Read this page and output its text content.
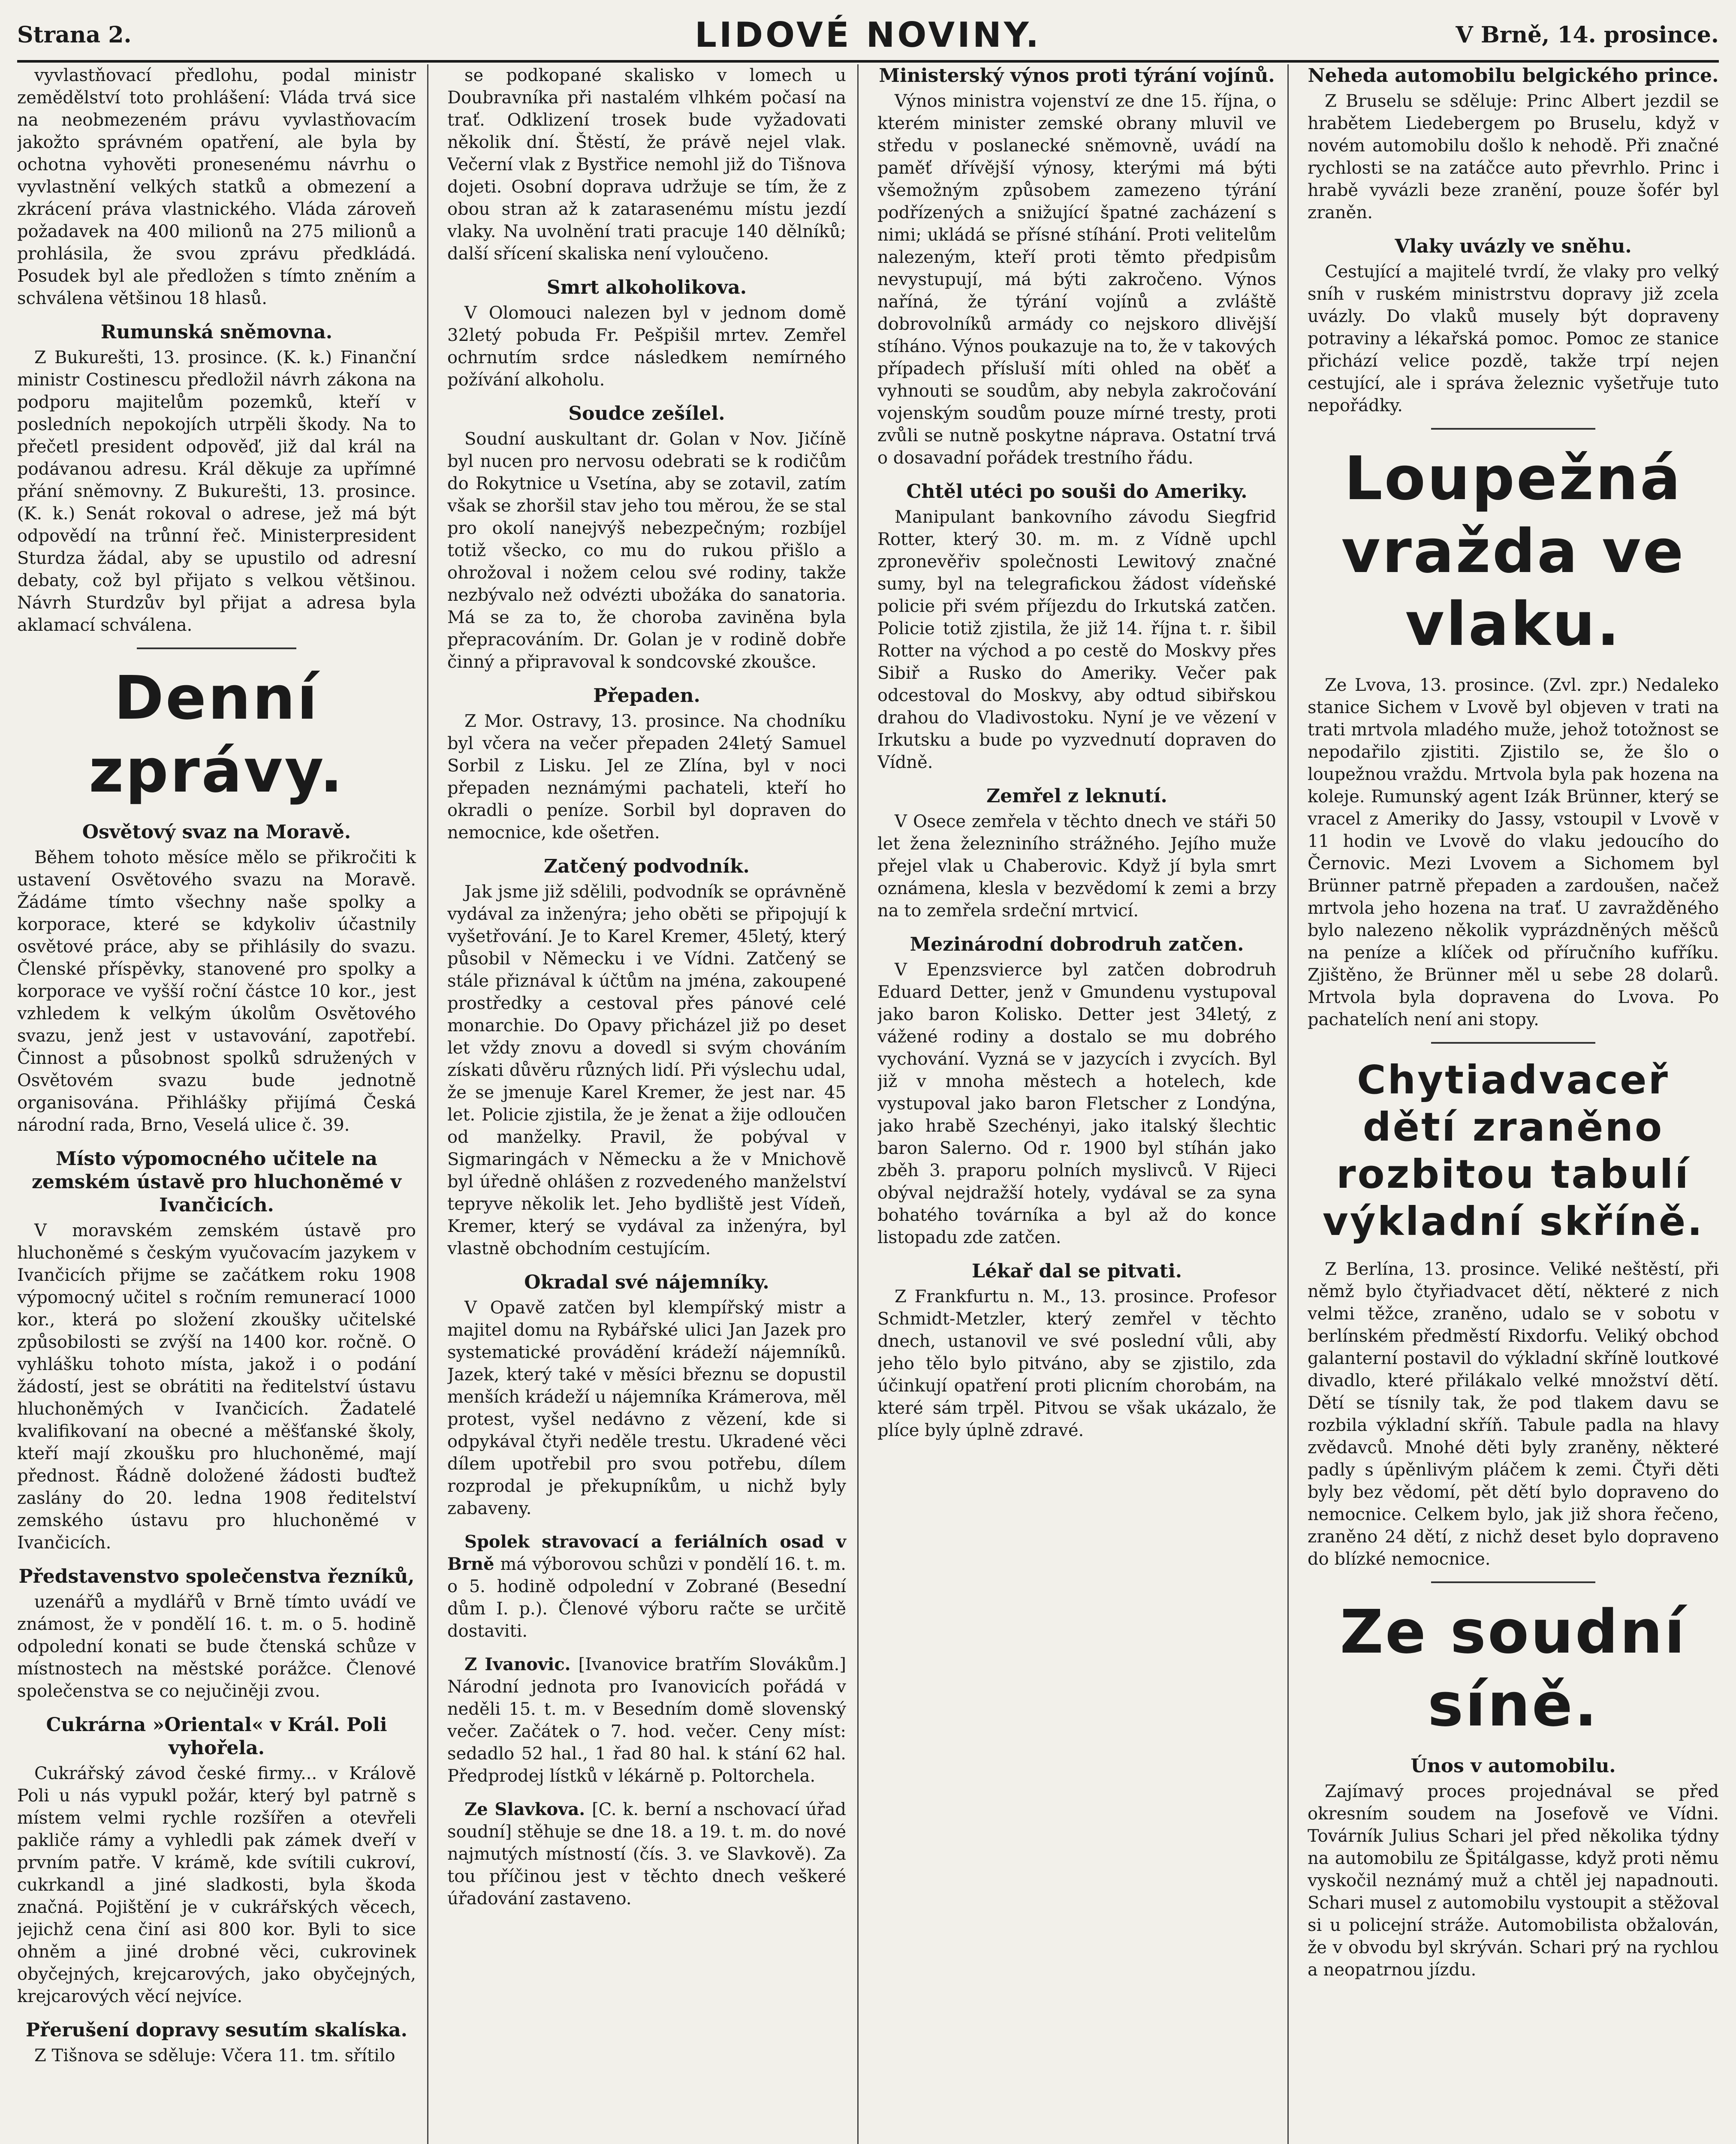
Strana 2.	LIDOVÉ NOVINY.	V Brně, 14. prosince.

vyvlastňovací předlohu, podal ministr zemědělství toto prohlášení: Vláda trvá sice na neobmezeném právu vyvlastňovacím jakožto správném opatření, ale byla by ochotna vyhověti pronesenému návrhu o vyvlastnění velkých statků a obmezení a zkrácení práva vlastnického. Vláda zároveň požadavek na 400 milionů na 275 milionů a prohlásila, že svou zprávu předkládá. Posudek byl ale předložen s tímto zněním a schválena většinou 18 hlasů.

Rumunská sněmovna.

Z Bukurešti, 13. prosince. (K. k.) Finanční ministr Costinescu předložil návrh zákona na podporu majitelům pozemků, kteří v posledních nepokojích utrpěli škody. Na to přečetl president odpověď, již dal král na podávanou adresu. Král děkuje za upřímné přání sněmovny. Z Bukurešti, 13. prosince. (K. k.) Senát rokoval o adrese, jež má být odpovědí na trůnní řeč. Ministerpresident Sturdza žádal, aby se upustilo od adresní debaty, což byl přijato s velkou většinou. Návrh Sturdzův byl přijat a adresa byla aklamací schválena.

Denní zprávy.
Osvětový svaz na Moravě.

Během tohoto měsíce mělo se přikročiti k ustavení Osvětového svazu na Moravě. Žádáme tímto všechny naše spolky a korporace, které se kdykoliv účastnily osvětové práce, aby se přihlásily do svazu. Členské příspěvky, stanovené pro spolky a korporace ve vyšší roční částce 10 kor., jest vzhledem k velkým úkolům Osvětového svazu, jenž jest v ustavování, zapotřebí. Činnost a působnost spolků sdružených v Osvětovém svazu bude jednotně organisována. Přihlášky přijímá Česká národní rada, Brno, Veselá ulice č. 39.

Místo výpomocného učitele na zemském ústavě pro hluchoněmé v Ivančicích.

V moravském zemském ústavě pro hluchoněmé s českým vyučovacím jazykem v Ivančicích přijme se začátkem roku 1908 výpomocný učitel s ročním remunerací 1000 kor., která po složení zkoušky učitelské způsobilosti se zvýší na 1400 kor. ročně. O vyhlášku tohoto místa, jakož i o podání žádostí, jest se obrátiti na ředitelství ústavu hluchoněmých v Ivančicích. Žadatelé kvalifikovaní na obecné a měšťanské školy, kteří mají zkoušku pro hluchoněmé, mají přednost. Řádně doložené žádosti buďtež zaslány do 20. ledna 1908 ředitelství zemského ústavu pro hluchoněmé v Ivančicích.

Představenstvo společenstva řezníků,

uzenářů a mydlářů v Brně tímto uvádí ve známost, že v pondělí 16. t. m. o 5. hodině odpolední konati se bude čtenská schůze v místnostech na městské porážce. Členové společenstva se co nejučiněji zvou.

Cukrárna »Oriental« v Král. Poli vyhořela.

Cukrářský závod české firmy... v Králově Poli u nás vypukl požár, který byl patrně s místem velmi rychle rozšířen a otevřeli pakliče rámy a vyhledli pak zámek dveří v prvním patře. V krámě, kde svítili cukroví, cukrkandl a jiné sladkosti, byla škoda značná. Pojištění je v cukrářských věcech, jejichž cena činí asi 800 kor. Byli to sice ohněm a jiné drobné věci, cukrovinek obyčejných, krejcarových, jako obyčejných, krejcarových věcí nejvíce.

Přerušení dopravy sesutím skalíska.

Z Tišnova se sděluje: Včera 11. tm. sřítilo

se podkopané skalisko v lomech u Doubravníka při nastalém vlhkém počasí na trať. Odklizení trosek bude vyžadovati několik dní. Štěstí, že právě nejel vlak. Večerní vlak z Bystřice nemohl již do Tišnova dojeti. Osobní doprava udržuje se tím, že z obou stran až k zatarasenému místu jezdí vlaky. Na uvolnění trati pracuje 140 dělníků; další sřícení skaliska není vyloučeno.

Smrt alkoholikova.

V Olomouci nalezen byl v jednom domě 32letý pobuda Fr. Pešpišil mrtev. Zemřel ochrnutím srdce následkem nemírného požívání alkoholu.

Soudce zešílel.

Soudní auskultant dr. Golan v Nov. Jičíně byl nucen pro nervosu odebrati se k rodičům do Rokytnice u Vsetína, aby se zotavil, zatím však se zhoršil stav jeho tou měrou, že se stal pro okolí nanejvýš nebezpečným; rozbíjel totiž všecko, co mu do rukou přišlo a ohrožoval i nožem celou své rodiny, takže nezbývalo než odvézti ubožáka do sanatoria. Má se za to, že choroba zaviněna byla přepracováním. Dr. Golan je v rodině dobře činný a připravoval k sondcovské zkoušce.

Přepaden.

Z Mor. Ostravy, 13. prosince. Na chodníku byl včera na večer přepaden 24letý Samuel Sorbil z Lisku. Jel ze Zlína, byl v noci přepaden neznámými pachateli, kteří ho okradli o peníze. Sorbil byl dopraven do nemocnice, kde ošetřen.

Zatčený podvodník.

Jak jsme již sdělili, podvodník se oprávněně vydával za inženýra; jeho oběti se připojují k vyšetřování. Je to Karel Kremer, 45letý, který působil v Německu i ve Vídni. Zatčený se stále přiznával k účtům na jména, zakoupené prostředky a cestoval přes pánové celé monarchie. Do Opavy přicházel již po deset let vždy znovu a dovedl si svým chováním získati důvěru různých lidí. Při výslechu udal, že se jmenuje Karel Kremer, že jest nar. 45 let. Policie zjistila, že je ženat a žije odloučen od manželky. Pravil, že pobýval v Sigmaringách v Německu a že v Mnichově byl úředně ohlášen z rozvedeného manželství tepryve několik let. Jeho bydliště jest Vídeň, Kremer, který se vydával za inženýra, byl vlastně obchodním cestujícím.

Okradal své nájemníky.

V Opavě zatčen byl klempířský mistr a majitel domu na Rybářské ulici Jan Jazek pro systematické provádění krádeží nájemníků. Jazek, který také v měsíci březnu se dopustil menších krádeží u nájemníka Krámerova, měl protest, vyšel nedávno z vězení, kde si odpykával čtyři neděle trestu. Ukradené věci dílem upotřebil pro svou potřebu, dílem rozprodal je překupníkům, u nichž byly zabaveny.

Spolek stravovací a feriálních osad v Brně má výborovou schůzi v pondělí 16. t. m. o 5. hodině odpolední v Zobrané (Besední dům I. p.). Členové výboru račte se určitě dostaviti.

Z Ivanovic. [Ivanovice bratřím Slovákům.] Národní jednota pro Ivanovicích pořádá v neděli 15. t. m. v Besedním domě slovenský večer. Začátek o 7. hod. večer. Ceny míst: sedadlo 52 hal., 1 řad 80 hal. k stání 62 hal. Předprodej lístků v lékárně p. Poltorchela.

Ze Slavkova. [C. k. berní a nschovací úřad soudní] stěhuje se dne 18. a 19. t. m. do nové najmutých místností (čís. 3. ve Slavkově). Za tou příčinou jest v těchto dnech veškeré úřadování zastaveno.

Ministerský výnos proti týrání vojínů.

Výnos ministra vojenství ze dne 15. října, o kterém minister zemské obrany mluvil ve středu v poslanecké sněmovně, uvádí na paměť dřívější výnosy, kterými má býti všemožným způsobem zamezeno týrání podřízených a snižující špatné zacházení s nimi; ukládá se přísné stíhání. Proti velitelům nalezeným, kteří proti těmto předpisům nevystupují, má býti zakročeno. Výnos naříná, že týrání vojínů a zvláště dobrovolníků armády co nejskoro dlivější stíháno. Výnos poukazuje na to, že v takových případech přísluší míti ohled na oběť a vyhnouti se soudům, aby nebyla zakročování vojenským soudům pouze mírné tresty, proti zvůli se nutně poskytne náprava. Ostatní trvá o dosavadní pořádek trestního řádu.

Chtěl utéci po souši do Ameriky.

Manipulant bankovního závodu Siegfrid Rotter, který 30. m. m. z Vídně upchl zpronevěřiv společnosti Lewitový značné sumy, byl na telegrafickou žádost vídeňské policie při svém příjezdu do Irkutská zatčen. Policie totiž zjistila, že již 14. října t. r. šibil Rotter na východ a po cestě do Moskvy přes Sibiř a Rusko do Ameriky. Večer pak odcestoval do Moskvy, aby odtud sibiřskou drahou do Vladivostoku. Nyní je ve vězení v Irkutsku a bude po vyzvednutí dopraven do Vídně.

Zemřel z leknutí.

V Osece zemřela v těchto dnech ve stáři 50 let žena železniního strážného. Jejího muže přejel vlak u Chaberovic. Když jí byla smrt oznámena, klesla v bezvědomí k zemi a brzy na to zemřela srdeční mrtvicí.

Mezinárodní dobrodruh zatčen.

V Epenzsvierce byl zatčen dobrodruh Eduard Detter, jenž v Gmundenu vystupoval jako baron Kolisko. Detter jest 34letý, z vážené rodiny a dostalo se mu dobrého vychování. Vyzná se v jazycích i zvycích. Byl již v mnoha městech a hotelech, kde vystupoval jako baron Fletscher z Londýna, jako hrabě Szechényi, jako italský šlechtic baron Salerno. Od r. 1900 byl stíhán jako zběh 3. praporu polních myslivců. V Rijeci obýval nejdražší hotely, vydával se za syna bohatého továrníka a byl až do konce listopadu zde zatčen.

Lékař dal se pitvati.

Z Frankfurtu n. M., 13. prosince. Profesor Schmidt-Metzler, který zemřel v těchto dnech, ustanovil ve své poslední vůli, aby jeho tělo bylo pitváno, aby se zjistilo, zda účinkují opatření proti plicním chorobám, na které sám trpěl. Pitvou se však ukázalo, že plíce byly úplně zdravé.

Neheda automobilu belgického prince.

Z Bruselu se sděluje: Princ Albert jezdil se hrabětem Liedebergem po Bruselu, když v novém automobilu došlo k nehodě. Při značné rychlosti se na zatáčce auto převrhlo. Princ i hrabě vyvázli beze zranění, pouze šofér byl zraněn.

Vlaky uvázly ve sněhu.

Cestující a majitelé tvrdí, že vlaky pro velký sníh v ruském ministrstvu dopravy již zcela uvázly. Do vlaků musely být dopraveny potraviny a lékařská pomoc. Pomoc ze stanice přichází velice pozdě, takže trpí nejen cestující, ale i správa železnic vyšetřuje tuto nepořádky.

Loupežná vražda ve vlaku.

Ze Lvova, 13. prosince. (Zvl. zpr.) Nedaleko stanice Sichem v Lvově byl objeven v trati na trati mrtvola mladého muže, jehož totožnost se nepodařilo zjistiti. Zjistilo se, že šlo o loupežnou vraždu. Mrtvola byla pak hozena na koleje. Rumunský agent Izák Brünner, který se vracel z Ameriky do Jassy, vstoupil v Lvově v 11 hodin ve Lvově do vlaku jedoucího do Černovic. Mezi Lvovem a Sichomem byl Brünner patrně přepaden a zardoušen, načež mrtvola jeho hozena na trať. U zavražděného bylo nalezeno několik vyprázdněných měšců na peníze a klíček od příručního kufříku. Zjištěno, že Brünner měl u sebe 28 dolarů. Mrtvola byla dopravena do Lvova. Po pachatelích není ani stopy.

Chytiadvaceř dětí zraněno rozbitou tabulí výkladní skříně.

Z Berlína, 13. prosince. Veliké neštěstí, při němž bylo čtyřiadvacet dětí, některé z nich velmi těžce, zraněno, udalo se v sobotu v berlínském předměstí Rixdorfu. Veliký obchod galanterní postavil do výkladní skříně loutkové divadlo, které přilákalo velké množství dětí. Dětí se tísnily tak, že pod tlakem davu se rozbila výkladní skříň. Tabule padla na hlavy zvědavců. Mnohé děti byly zraněny, některé padly s úpěnlivým pláčem k zemi. Čtyři děti byly bez vědomí, pět dětí bylo dopraveno do nemocnice. Celkem bylo, jak již shora řečeno, zraněno 24 dětí, z nichž deset bylo dopraveno do blízké nemocnice.

Ze soudní síně.
Únos v automobilu.

Zajímavý proces projednával se před okresním soudem na Josefově ve Vídni. Továrník Julius Schari jel před několika týdny na automobilu ze Špitálgasse, když proti němu vyskočil neznámý muž a chtěl jej napadnouti. Schari musel z automobilu vystoupit a stěžoval si u policejní stráže. Automobilista obžalován, že v obvodu byl skrýván. Schari prý na rychlou a neopatrnou jízdu.
